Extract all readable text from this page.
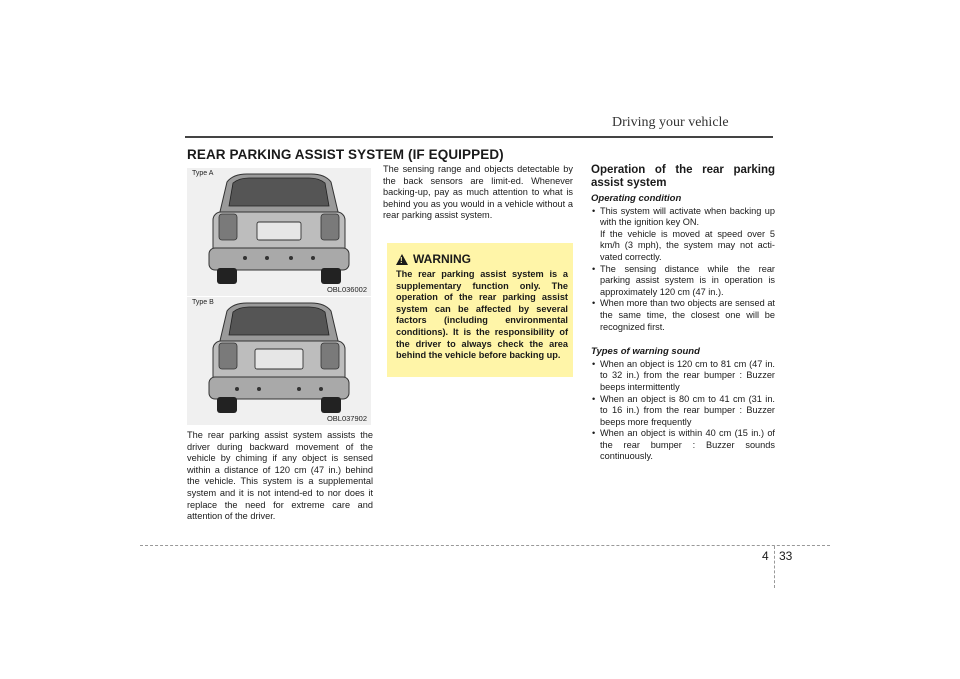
Driving your vehicle
REAR PARKING ASSIST SYSTEM (IF EQUIPPED)
Type A
OBL036002
Type B
OBL037902
The rear parking assist system assists the driver during backward movement of the vehicle by chiming if any object is sensed within a distance of 120 cm (47 in.) behind the vehicle. This system is a supplemental system and it is not intend-ed to nor does it replace the need for extreme care and attention of the driver.
The sensing range and objects detectable by the back sensors are limit-ed. Whenever backing-up, pay as much attention to what is behind you as you would in a vehicle without a rear parking assist system.
!
WARNING
The rear parking assist system is a supplementary function only. The operation of the rear parking assist system can be affected by several factors (including environmental conditions). It is the responsibility of the driver to always check the area behind the vehicle before backing up.
Operation of the rear parking assist system
Operating condition
• This system will activate when backing up with the ignition key ON.
If the vehicle is moved at speed over 5 km/h (3 mph), the system may not acti-vated correctly.
• The sensing distance while the rear parking assist system is in operation is approximately 120 cm (47 in.).
• When more than two objects are sensed at the same time, the closest one will be recognized first.
Types of warning sound
• When an object is 120 cm to 81 cm (47 in. to 32 in.) from the rear bumper : Buzzer beeps intermittently
• When an object is 80 cm to 41 cm (31 in. to 16 in.) from the rear bumper : Buzzer beeps more frequently
• When an object is within 40 cm (15 in.) of the rear bumper : Buzzer sounds continuously.
4 33
